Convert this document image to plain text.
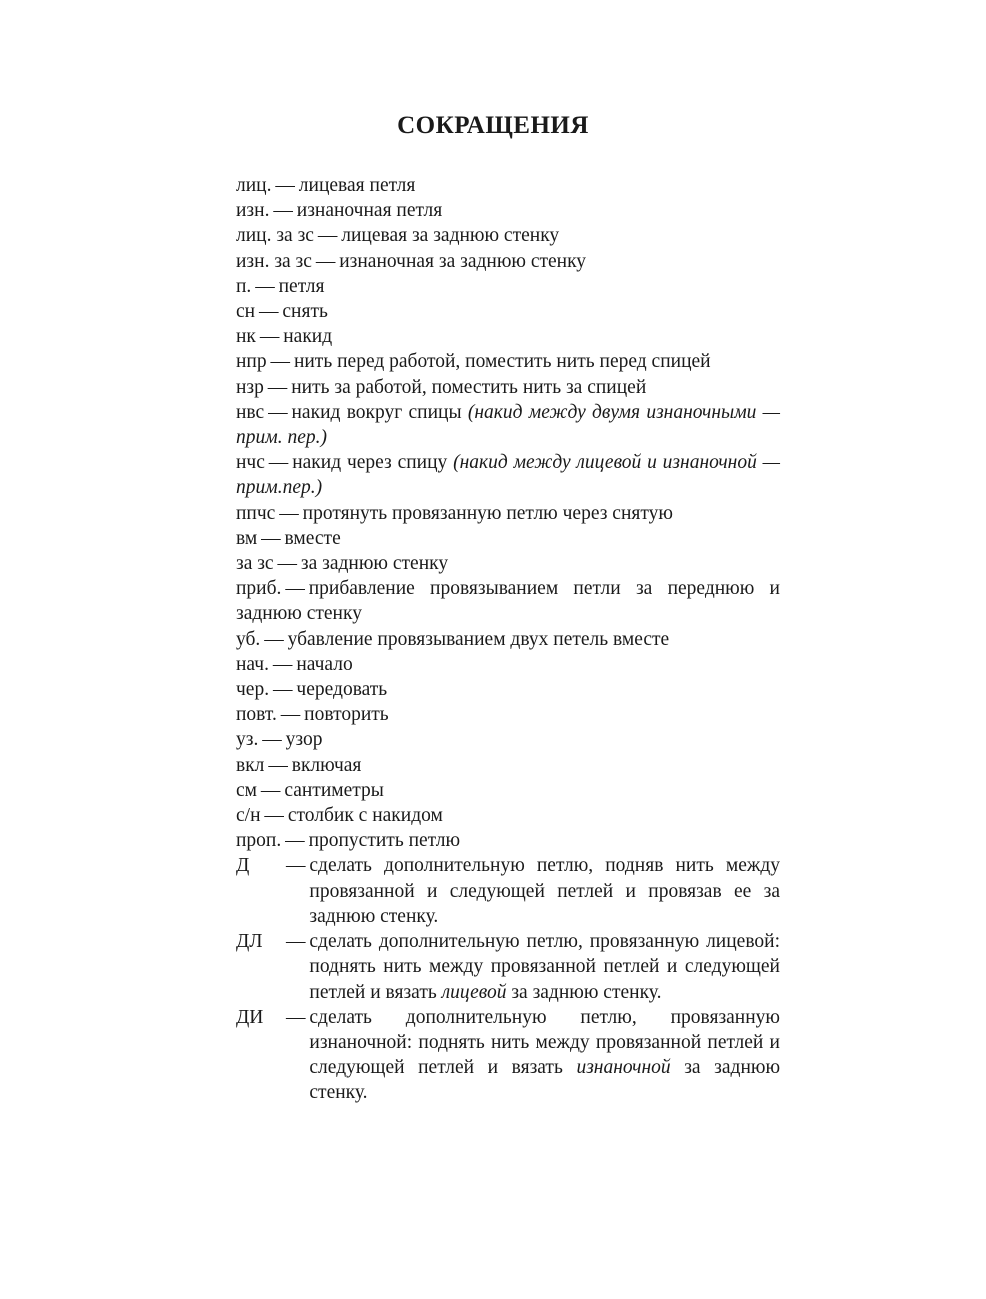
СОКРАЩЕНИЯ

лиц. — лицевая петля

изн. — изнаночная петля

лиц. за зс — лицевая за заднюю стенку

изн. за зс — изнаночная за заднюю стенку

п. — петля

сн — снять

нк — накид

нпр — нить перед работой, поместить нить перед спицей

нзр — нить за работой, поместить нить за спицей

нвс — накид вокруг спицы (накид между двумя изнаночными — прим. пер.)

нчс — накид через спицу (накид между лицевой и изнаночной — прим.пер.)

ппчс — протянуть провязанную петлю через снятую

вм — вместе

за зс — за заднюю стенку

приб. — прибавление провязыванием петли за переднюю и заднюю стенку

уб. — убавление провязыванием двух петель вместе

нач. — начало

чер. — чередовать

повт. — повторить

уз. — узор

вкл — включая

см — сантиметры

с/н — столбик с накидом

проп. — пропустить петлю

Д	—  сделать дополнительную петлю, подняв нить между провязанной и следующей петлей и провязав ее за заднюю стенку.
ДЛ	—  сделать дополнительную петлю, провязанную лицевой: поднять нить между провязанной петлей и следующей петлей и вязать лицевой за заднюю стенку.
ДИ	—  сделать дополнительную петлю, провязанную изнаночной: поднять нить между провязанной петлей и следующей петлей и вязать изнаночной за заднюю стенку.
